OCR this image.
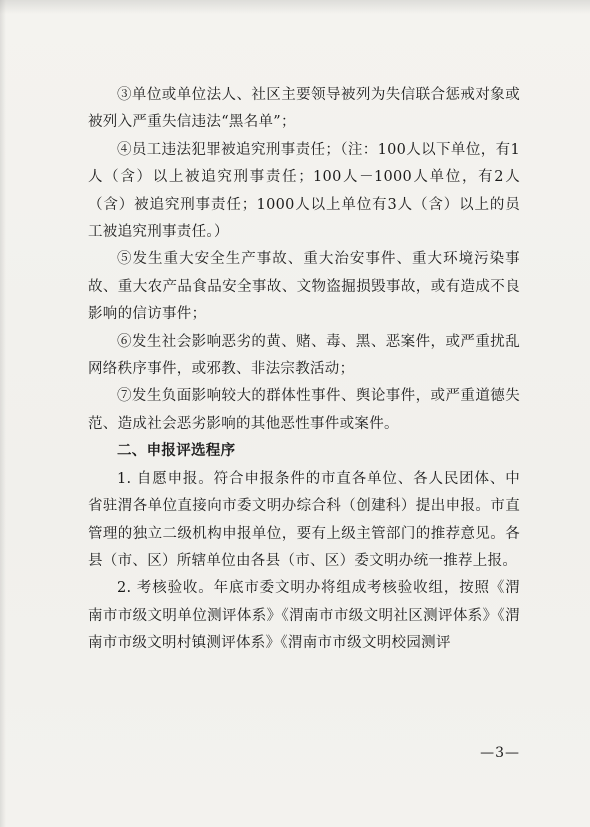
③单位或单位法人、社区主要领导被列为失信联合惩戒对象或被列入严重失信违法“黑名单”；

④员工违法犯罪被追究刑事责任；（注：100人以下单位，有1人（含）以上被追究刑事责任；100人－1000人单位，有2人（含）被追究刑事责任；1000人以上单位有3人（含）以上的员工被追究刑事责任。）

⑤发生重大安全生产事故、重大治安事件、重大环境污染事故、重大农产品食品安全事故、文物盗掘损毁事故，或有造成不良影响的信访事件；

⑥发生社会影响恶劣的黄、赌、毒、黑、恶案件，或严重扰乱网络秩序事件，或邪教、非法宗教活动；

⑦发生负面影响较大的群体性事件、舆论事件，或严重道德失范、造成社会恶劣影响的其他恶性事件或案件。

二、申报评选程序

1. 自愿申报。符合申报条件的市直各单位、各人民团体、中省驻渭各单位直接向市委文明办综合科（创建科）提出申报。市直管理的独立二级机构申报单位，要有上级主管部门的推荐意见。各县（市、区）所辖单位由各县（市、区）委文明办统一推荐上报。

2. 考核验收。年底市委文明办将组成考核验收组，按照《渭南市市级文明单位测评体系》《渭南市市级文明社区测评体系》《渭南市市级文明村镇测评体系》《渭南市市级文明校园测评

—3—
